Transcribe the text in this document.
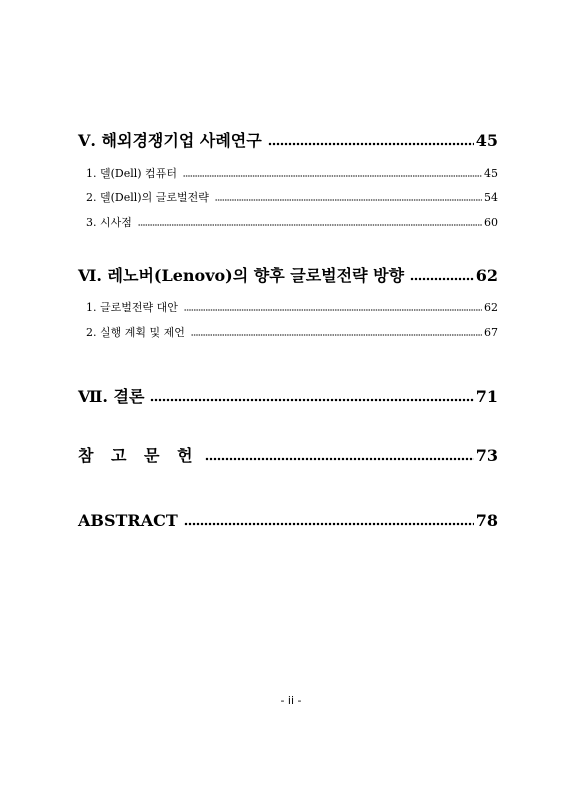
Ⅴ. 해외경쟁기업 사례연구	45
1. 델(Dell) 컴퓨터	45
2. 델(Dell)의 글로벌전략	54
3. 시사점	60
Ⅵ. 레노버(Lenovo)의 향후 글로벌전략 방향	62
1. 글로벌전략 대안	62
2. 실행 계획 및 제언	67
Ⅶ. 결론	71
참 고 문 헌	73
ABSTRACT	78
- ii -
